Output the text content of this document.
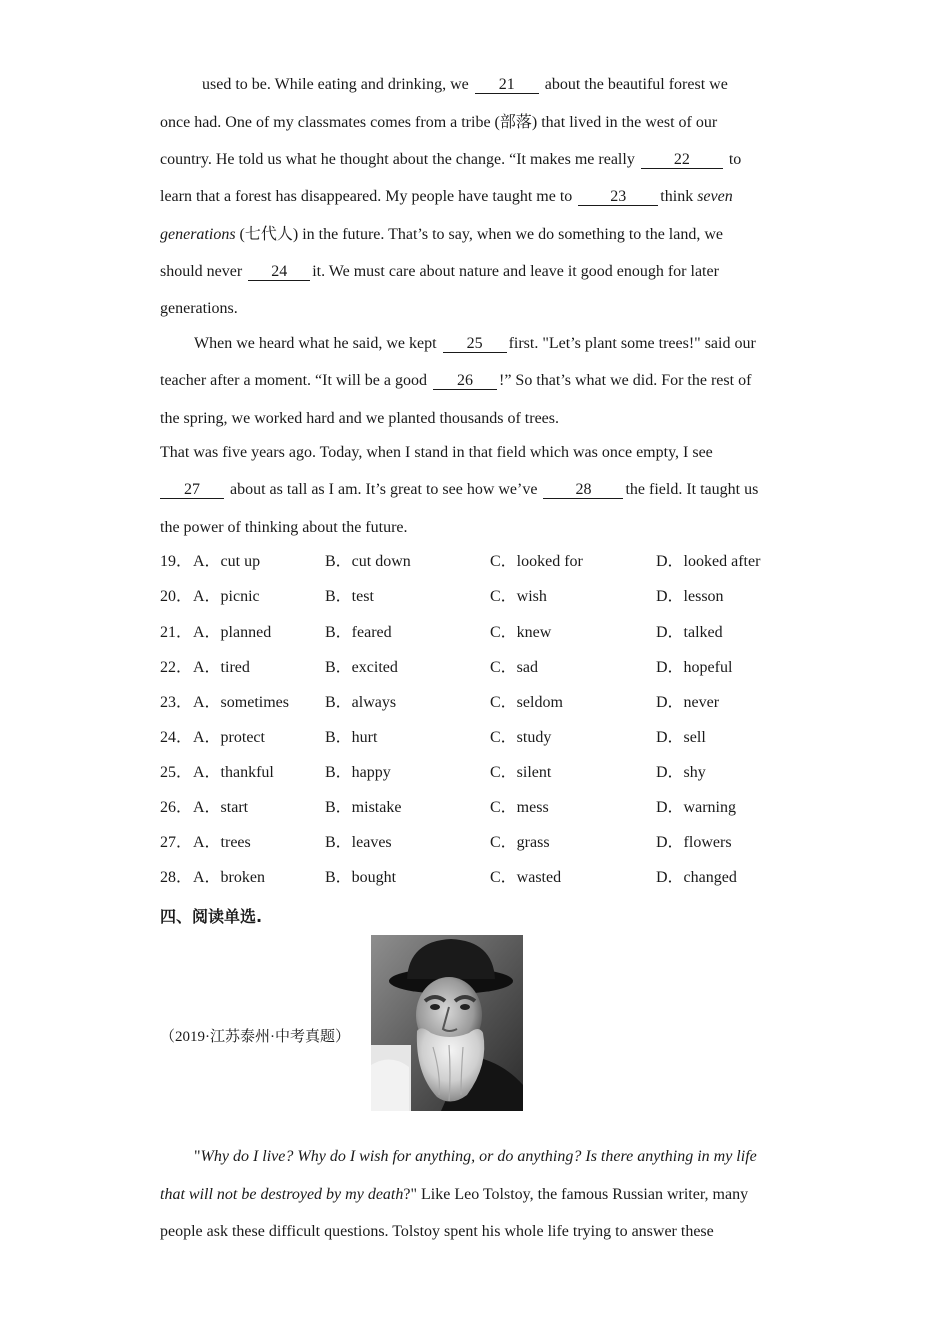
used to be. While eating and drinking, we 21 about the beautiful forest we
once had. One of my classmates comes from a tribe (部落) that lived in the west of our
country. He told us what he thought about the change. “It makes me really 22 to
learn that a forest has disappeared. My people have taught me to 23 think seven
generations (七代人) in the future. That’s to say, when we do something to the land, we
should never 24 it. We must care about nature and leave it good enough for later
generations.
When we heard what he said, we kept 25 first. "Let’s plant some trees!" said our
teacher after a moment. “It will be a good 26 !” So that’s what we did. For the rest of
the spring, we worked hard and we planted thousands of trees.
That was five years ago. Today, when I stand in that field which was once empty, I see
27 about as tall as I am. It’s great to see how we’ve 28 the field. It taught us
the power of thinking about the future.
19． A．cut up	B．cut down	C．looked for	D．looked after
20． A．picnic	B．test	C．wish	D．lesson
21． A．planned	B．feared	C．knew	D．talked
22． A．tired	B．excited	C．sad	D．hopeful
23． A．sometimes B．always	C．seldom	D．never
24． A．protect	B．hurt	C．study	D．sell
25． A．thankful	B．happy	C．silent	D．shy
26． A．start	B．mistake	C．mess	D．warning
27． A．trees	B．leaves	C．grass	D．flowers
28． A．broken	B．bought	C．wasted	D．changed
四、阅读单选.
（2019·江苏泰州·中考真题）
"Why do I live? Why do I wish for anything, or do anything? Is there anything in my life
that will not be destroyed by my death?" Like Leo Tolstoy, the famous Russian writer, many
people ask these difficult questions. Tolstoy spent his whole life trying to answer these
